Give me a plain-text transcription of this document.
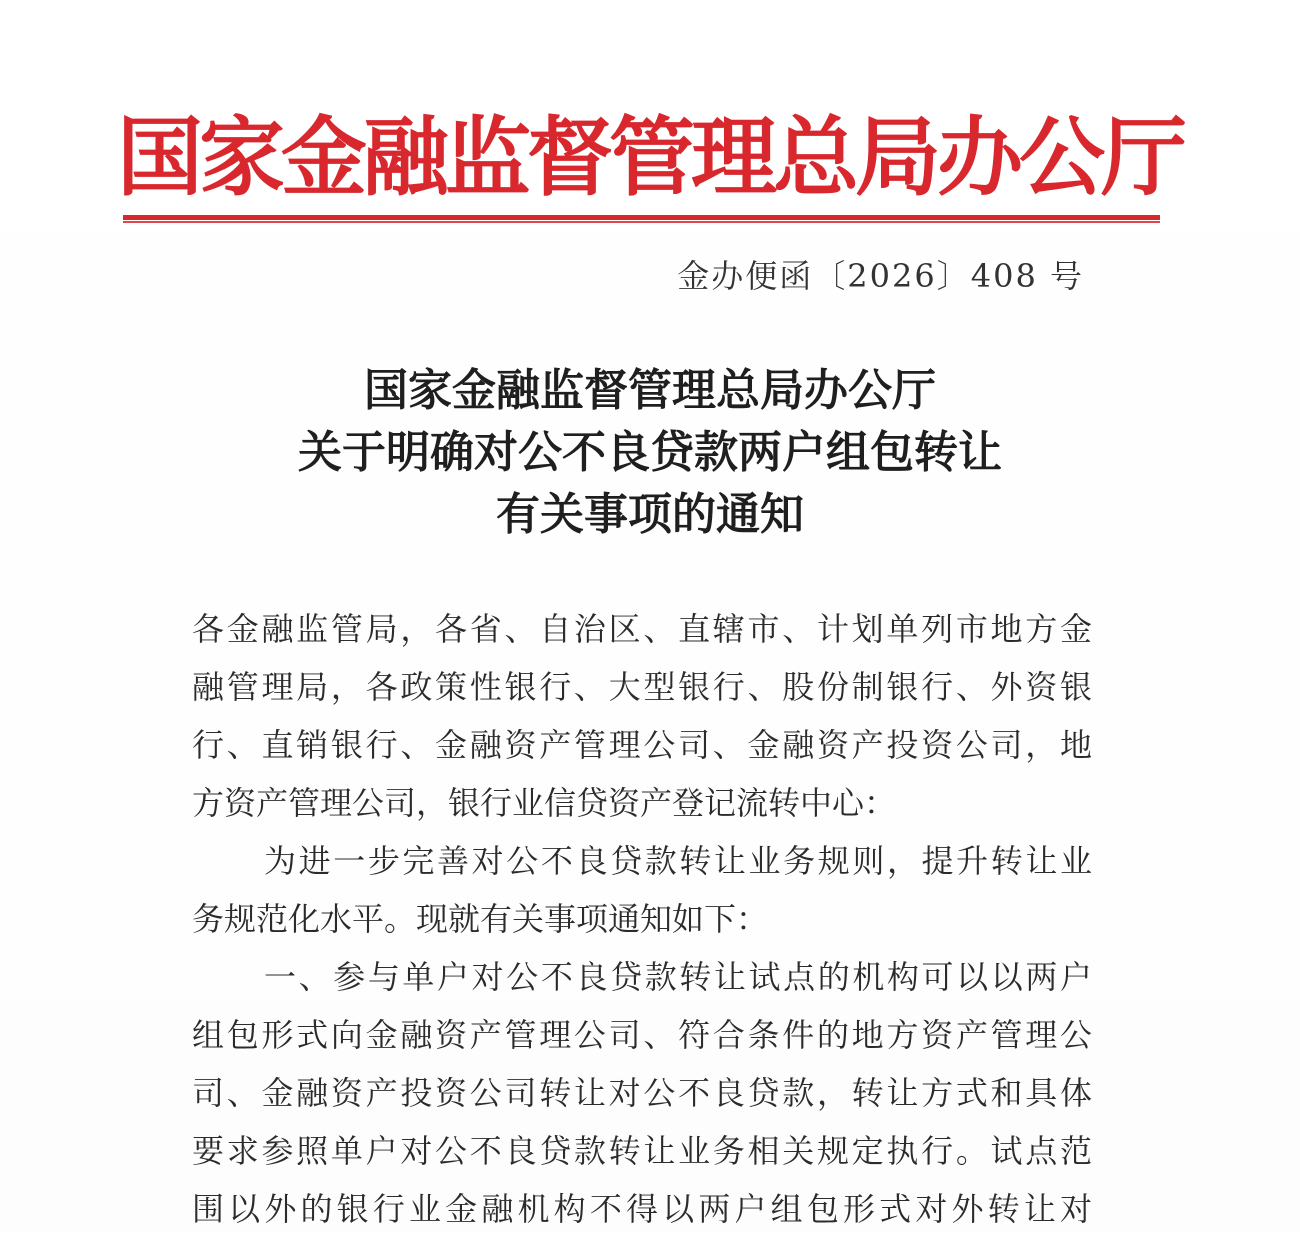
国家金融监督管理总局办公厅
金办便函〔2026〕408 号
国家金融监督管理总局办公厅
关于明确对公不良贷款两户组包转让
有关事项的通知
各金融监管局，各省、自治区、直辖市、计划单列市地方金
融管理局，各政策性银行、大型银行、股份制银行、外资银
行、直销银行、金融资产管理公司、金融资产投资公司，地
方资产管理公司，银行业信贷资产登记流转中心：
为进一步完善对公不良贷款转让业务规则，提升转让业
务规范化水平。现就有关事项通知如下：
一、参与单户对公不良贷款转让试点的机构可以以两户
组包形式向金融资产管理公司、符合条件的地方资产管理公
司、金融资产投资公司转让对公不良贷款，转让方式和具体
要求参照单户对公不良贷款转让业务相关规定执行。试点范
围以外的银行业金融机构不得以两户组包形式对外转让对
